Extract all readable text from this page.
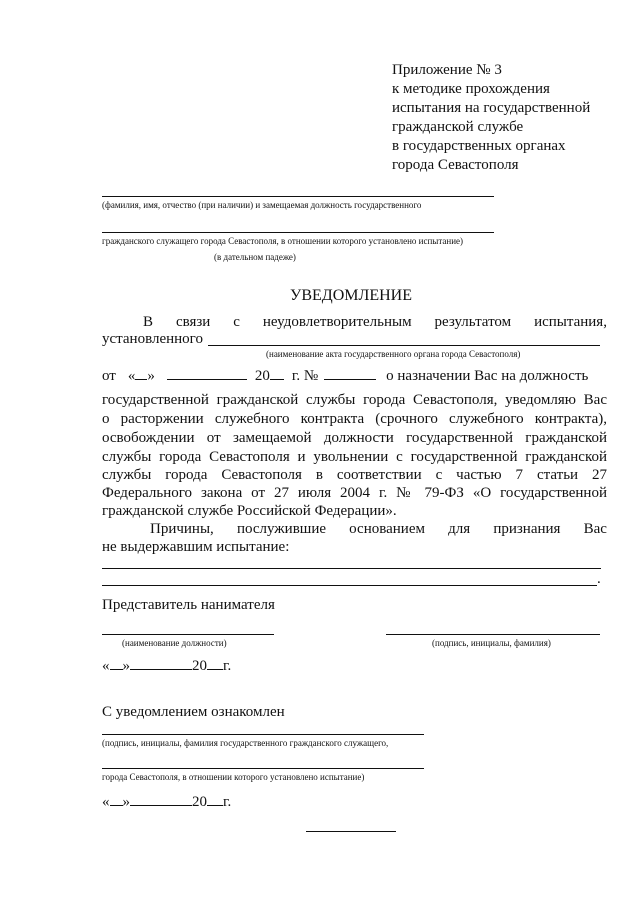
Приложение № 3
к методике прохождения
испытания на государственной
гражданской службе
в государственных органах
города Севастополя
(фамилия, имя, отчество (при наличии) и замещаемая должность государственного
гражданского служащего города Севастополя, в отношении которого установлено испытание)
(в дательном падеже)
УВЕДОМЛЕНИЕ
В связи с неудовлетворительным результатом испытания,
установленного
(наименование акта государственного органа города Севастополя)
от « »	20 г. №	о назначении Вас на должность
государственной гражданской службы города Севастополя, уведомляю Вас
о расторжении служебного контракта (срочного служебного контракта),
освобождении от замещаемой должности государственной гражданской
службы города Севастополя и увольнении с государственной гражданской
службы города Севастополя в соответствии с частью 7 статьи 27
Федерального закона от 27 июля 2004 г. № 79-ФЗ «О государственной
гражданской службе Российской Федерации».
Причины, послужившие основанием для признания Вас
не выдержавшим испытание:
.
Представитель нанимателя
(наименование должности)	(подпись, инициалы, фамилия)
« »	20 г.
С уведомлением ознакомлен
(подпись, инициалы, фамилия государственного гражданского служащего,
города Севастополя, в отношении которого установлено испытание)
« »	20 г.
